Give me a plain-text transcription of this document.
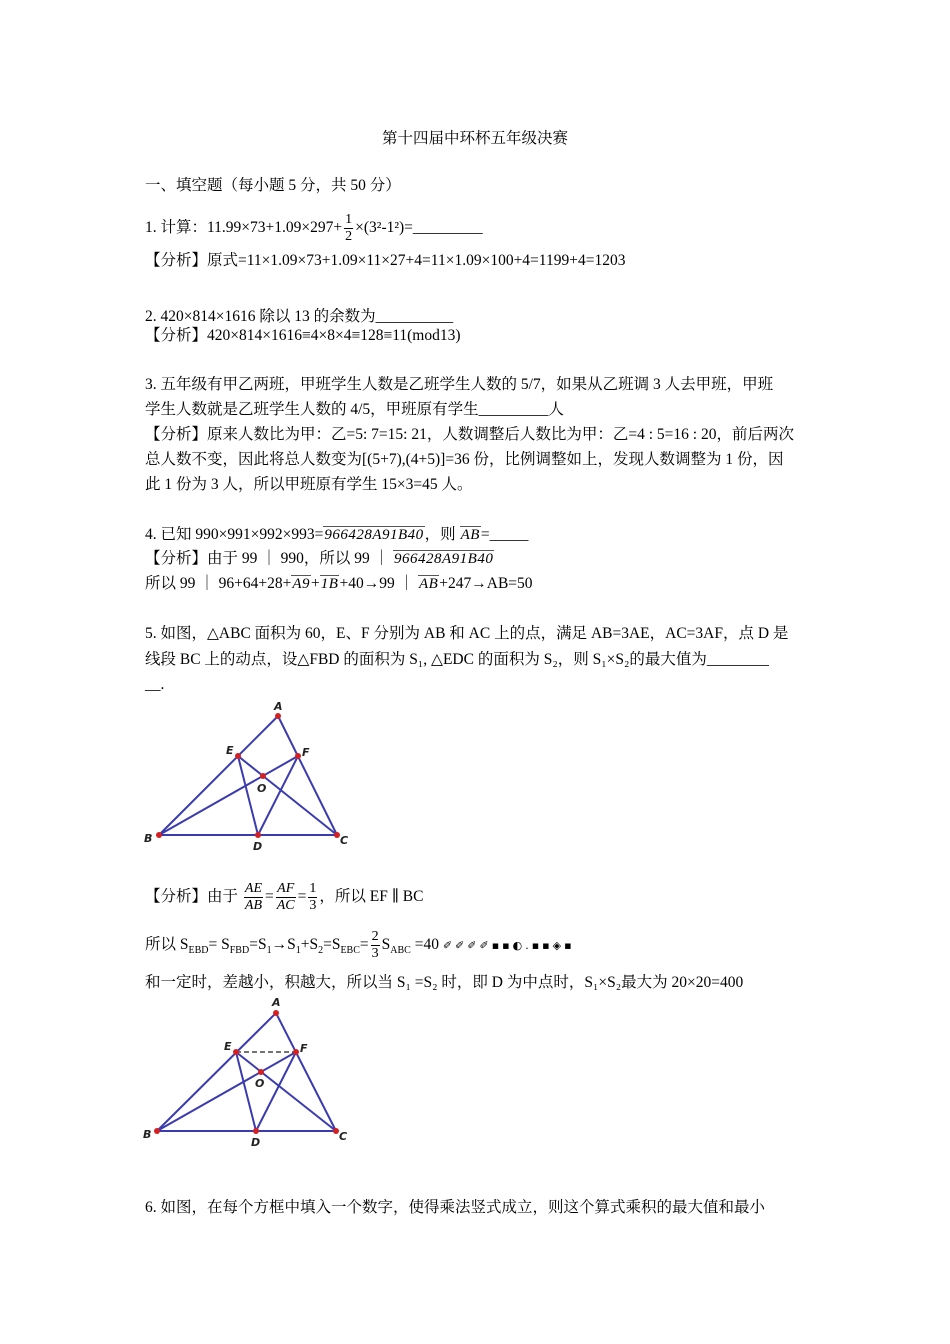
第十四届中环杯五年级决赛
一、填空题（每小题 5 分，共 50 分）
1. 计算：$11.99\times 73+1.09\times 297+ \frac{1}{2}$ ×(3²-1²)=_________
【分析】原式=11×1.09×73+1.09×11×27+4=11×1.09×100+4=1199+4=1203
2. 420×814×1616 除以 13 的余数为__________
【分析】420×814×1616≡4×8×4≡128≡11(mod13)
3. 五年级有甲乙两班，甲班学生人数是乙班学生人数的 5/7，如果从乙班调 3 人去甲班，甲班
学生人数就是乙班学生人数的 4/5，甲班原有学生_________人
【分析】原来人数比为甲：乙=5: 7=15: 21，人数调整后人数比为甲：乙=4 : 5=16 : 20，前后两次
总人数不变，因此将总人数变为[(5+7),(4+5)]=36 份，比例调整如上，发现人数调整为 1 份，因
此 1 份为 3 人，所以甲班原有学生 15×3=45 人。
4. 已知 990×991×992×993=966428A91B40，则 AB=_____
【分析】由于 99 ｜ 990，所以 99 ｜ 966428A91B40
所以 99 ｜ 96+64+28+A9+1B+40→99 ｜ AB+247→AB=50
5. 如图，△ABC 面积为 60，E、F 分别为 AB 和 AC 上的点，满足 AB=3AE，AC=3AF，点 D 是
线段 BC 上的动点，设△FBD 的面积为 S₁, △EDC 的面积为 S₂，则 S₁×S₂的最大值为________
__.
A
B	C
D
E	F
O
【分析】由于 $\frac{AE}{AB} = \frac{AF}{AC} = \frac{1}{3}$ ，所以 EF ∥ BC
所以 $S_{EBD}= S_{FBD}=S_1\to S_1+S_2=S_{EBC}= \frac{2}{3} S_{ABC} =40$ ✐✐✐✐▪▪◐.▪▪◈▪
和一定时，差越小，积越大，所以当 S₁ =S₂ 时，即 D 为中点时，S₁×S₂最大为 20×20=400
A
B	C
D
E	F
O
6. 如图，在每个方框中填入一个数字，使得乘法竖式成立，则这个算式乘积的最大值和最小
